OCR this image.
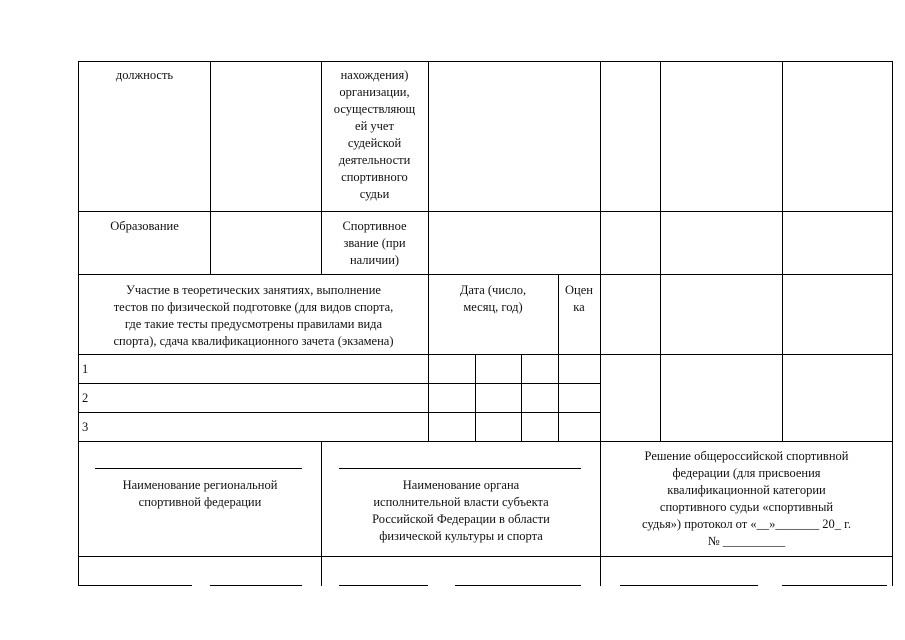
должность	нахождения)
организации,
осуществляющ
ей учет
судейской
деятельности
спортивного
судьи
Образование	Спортивное
звание (при
наличии)
Участие в теоретических занятиях, выполнение
тестов по физической подготовке (для видов спорта,
где такие тесты предусмотрены правилами вида
спорта), сдача квалификационного зачета (экзамена)
Дата (число,
месяц, год)
Оцен
ка
1
2
3
Наименование региональной
спортивной федерации
Наименование органа
исполнительной власти субъекта
Российской Федерации в области
физической культуры и спорта
Решение общероссийской спортивной
федерации (для присвоения
квалификационной категории
спортивного судьи «спортивный
судья») протокол от «__»_______ 20_ г.
№ __________
